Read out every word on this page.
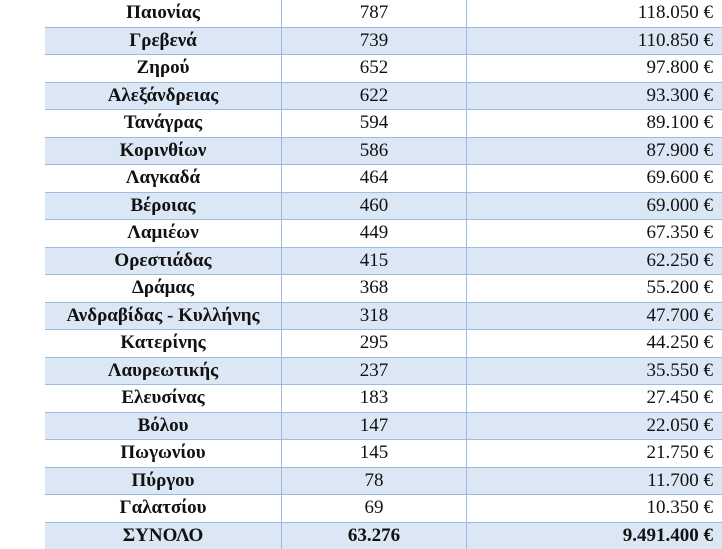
Παιονίας	787	118.050 €
Γρεβενά	739	110.850 €
Ζηρού	652	97.800 €
Αλεξάνδρειας	622	93.300 €
Τανάγρας	594	89.100 €
Κορινθίων	586	87.900 €
Λαγκαδά	464	69.600 €
Βέροιας	460	69.000 €
Λαμιέων	449	67.350 €
Ορεστιάδας	415	62.250 €
Δράμας	368	55.200 €
Ανδραβίδας - Κυλλήνης	318	47.700 €
Κατερίνης	295	44.250 €
Λαυρεωτικής	237	35.550 €
Ελευσίνας	183	27.450 €
Βόλου	147	22.050 €
Πωγωνίου	145	21.750 €
Πύργου	78	11.700 €
Γαλατσίου	69	10.350 €
ΣΥΝΟΛΟ	63.276	9.491.400 €
